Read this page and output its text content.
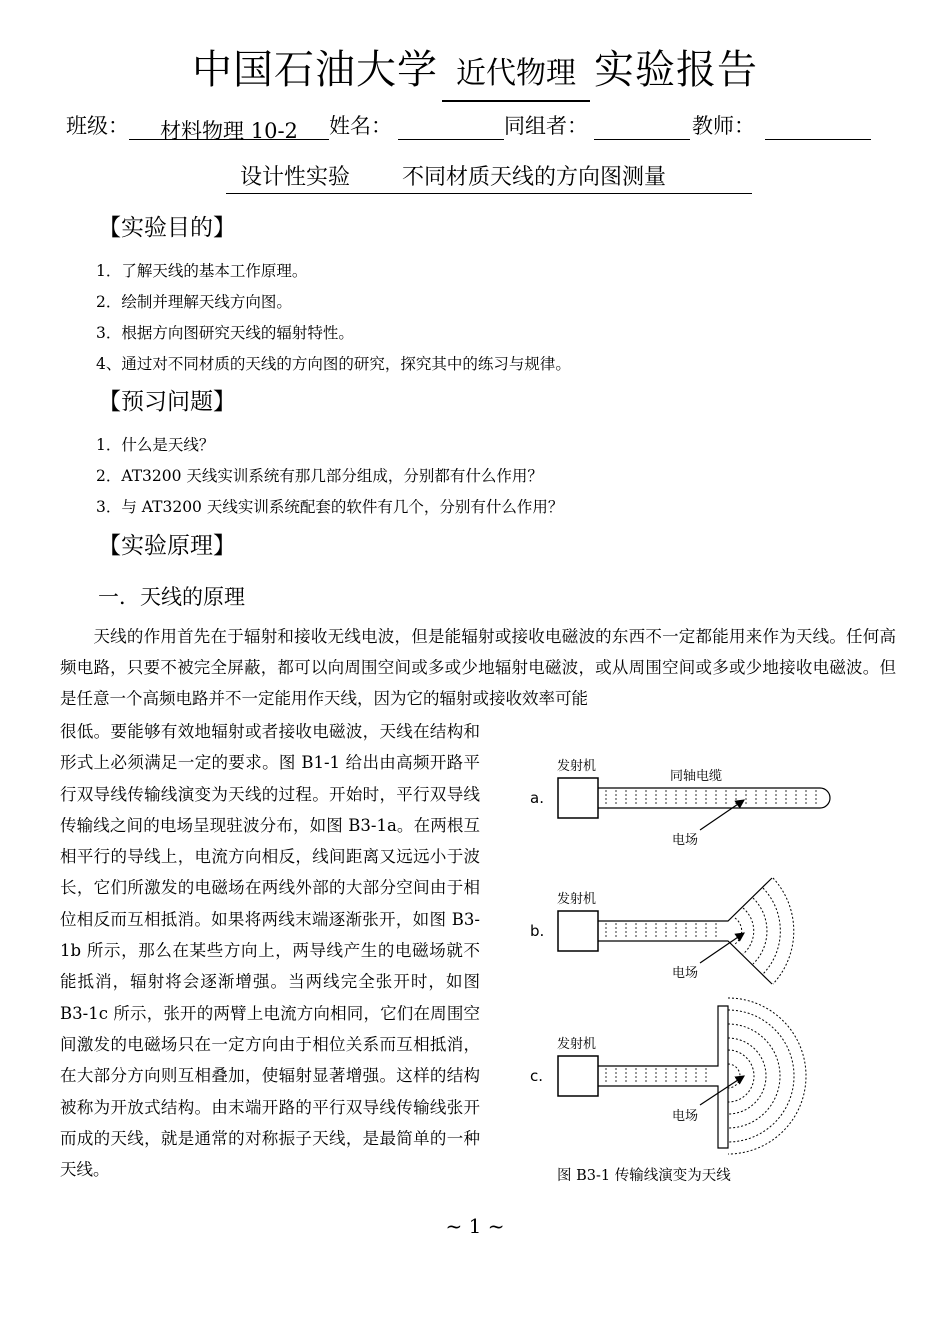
中国石油大学 近代物理 实验报告
班级： 材料物理 10-2 姓名：	同组者：	教师：
设计性实验 不同材质天线的方向图测量
【实验目的】
1．了解天线的基本工作原理。
2．绘制并理解天线方向图。
3．根据方向图研究天线的辐射特性。
4、通过对不同材质的天线的方向图的研究，探究其中的练习与规律。
【预习问题】
1．什么是天线？
2．AT3200 天线实训系统有那几部分组成，分别都有什么作用？
3．与 AT3200 天线实训系统配套的软件有几个，分别有什么作用？
【实验原理】
一．天线的原理

　　天线的作用首先在于辐射和接收无线电波，但是能辐射或接收电磁波的东西不一定都能用来作为天线。任何高频电路，只要不被完全屏蔽，都可以向周围空间或多或少地辐射电磁波，或从周围空间或多或少地接收电磁波。但是任意一个高频电路并不一定能用作天线，因为它的辐射或接收效率可能

很低。要能够有效地辐射或者接收电磁波，天线在结构和形式上必须满足一定的要求。图 B1-1 给出由高频开路平行双导线传输线演变为天线的过程。开始时，平行双导线传输线之间的电场呈现驻波分布，如图 B3-1a。在两根互相平行的导线上，电流方向相反，线间距离又远远小于波长，它们所激发的电磁场在两线外部的大部分空间由于相位相反而互相抵消。如果将两线末端逐渐张开，如图 B3-1b 所示，那么在某些方向上，两导线产生的电磁场就不能抵消，辐射将会逐渐增强。当两线完全张开时，如图 B3-1c 所示，张开的两臂上电流方向相同，它们在周围空间激发的电磁场只在一定方向由于相位关系而互相抵消，在大部分方向则互相叠加，使辐射显著增强。这样的结构被称为开放式结构。由末端开路的平行双导线传输线张开而成的天线，就是通常的对称振子天线，是最简单的一种天线。

a.
发射机
同轴电缆
电场
b.
发射机
电场
c.
发射机
电场
图 B3-1 传输线演变为天线
~ 1 ~
